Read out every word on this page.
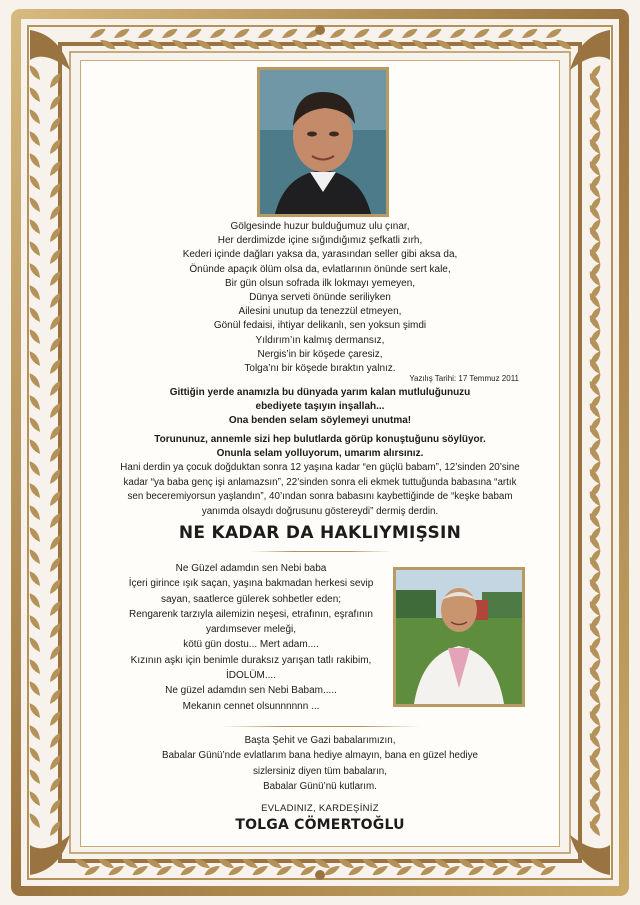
Gölgesinde huzur bulduğumuz ulu çınar,
Her derdimizde içine sığındığımız şefkatli zırh,
Kederi içinde dağları yaksa da, yarasından seller gibi aksa da,
Önünde apaçık ölüm olsa da, evlatlarının önünde sert kale,
Bir gün olsun sofrada ilk lokmayı yemeyen,
Dünya serveti önünde seriliyken
Ailesini unutup da tenezzül etmeyen,
Gönül fedaisi, ihtiyar delikanlı, sen yoksun şimdi
Yıldırım’ın kalmış dermansız,
Nergis’in bir köşede çaresiz,
Tolga’nı bir köşede bıraktın yalnız.
Yazılış Tarihi: 17 Temmuz 2011
Gittiğin yerde anamızla bu dünyada yarım kalan mutluluğunuzu
ebediyete taşıyın inşallah...
Ona benden selam söylemeyi unutma!
Torununuz, annemle sizi hep bulutlarda görüp konuştuğunu söylüyor.
Onunla selam yolluyorum, umarım alırsınız.
Hani derdin ya çocuk doğduktan sonra 12 yaşına kadar “en güçlü babam”, 12’sinden 20’sine
kadar “ya baba genç işi anlamazsın”, 22’sinden sonra eli ekmek tuttuğunda babasına “artık
sen beceremiyorsun yaşlandın”, 40’ından sonra babasını kaybettiğinde de “keşke babam
yanımda olsaydı doğrusunu göstereydi” dermiş derdin.
NE KADAR DA HAKLIYMIŞSIN
Ne Güzel adamdın sen Nebi baba
İçeri girince ışık saçan, yaşına bakmadan herkesi sevip
sayan, saatlerce gülerek sohbetler eden;
Rengarenk tarzıyla ailemizin neşesi, etrafının, eşrafının
yardımsever meleği,
kötü gün dostu... Mert adam....
Kızının aşkı için benimle duraksız yarışan tatlı rakibim,
İDOLÜM....
Ne güzel adamdın sen Nebi Babam.....
Mekanın cennet olsunnnnnn ...
Başta Şehit ve Gazi babalarımızın,
Babalar Günü’nde evlatlarım bana hediye almayın, bana en güzel hediye
sizlersiniz diyen tüm babaların,
Babalar Günü’nü kutlarım.
EVLADINIZ, KARDEŞİNİZ
TOLGA CÖMERTOĞLU
